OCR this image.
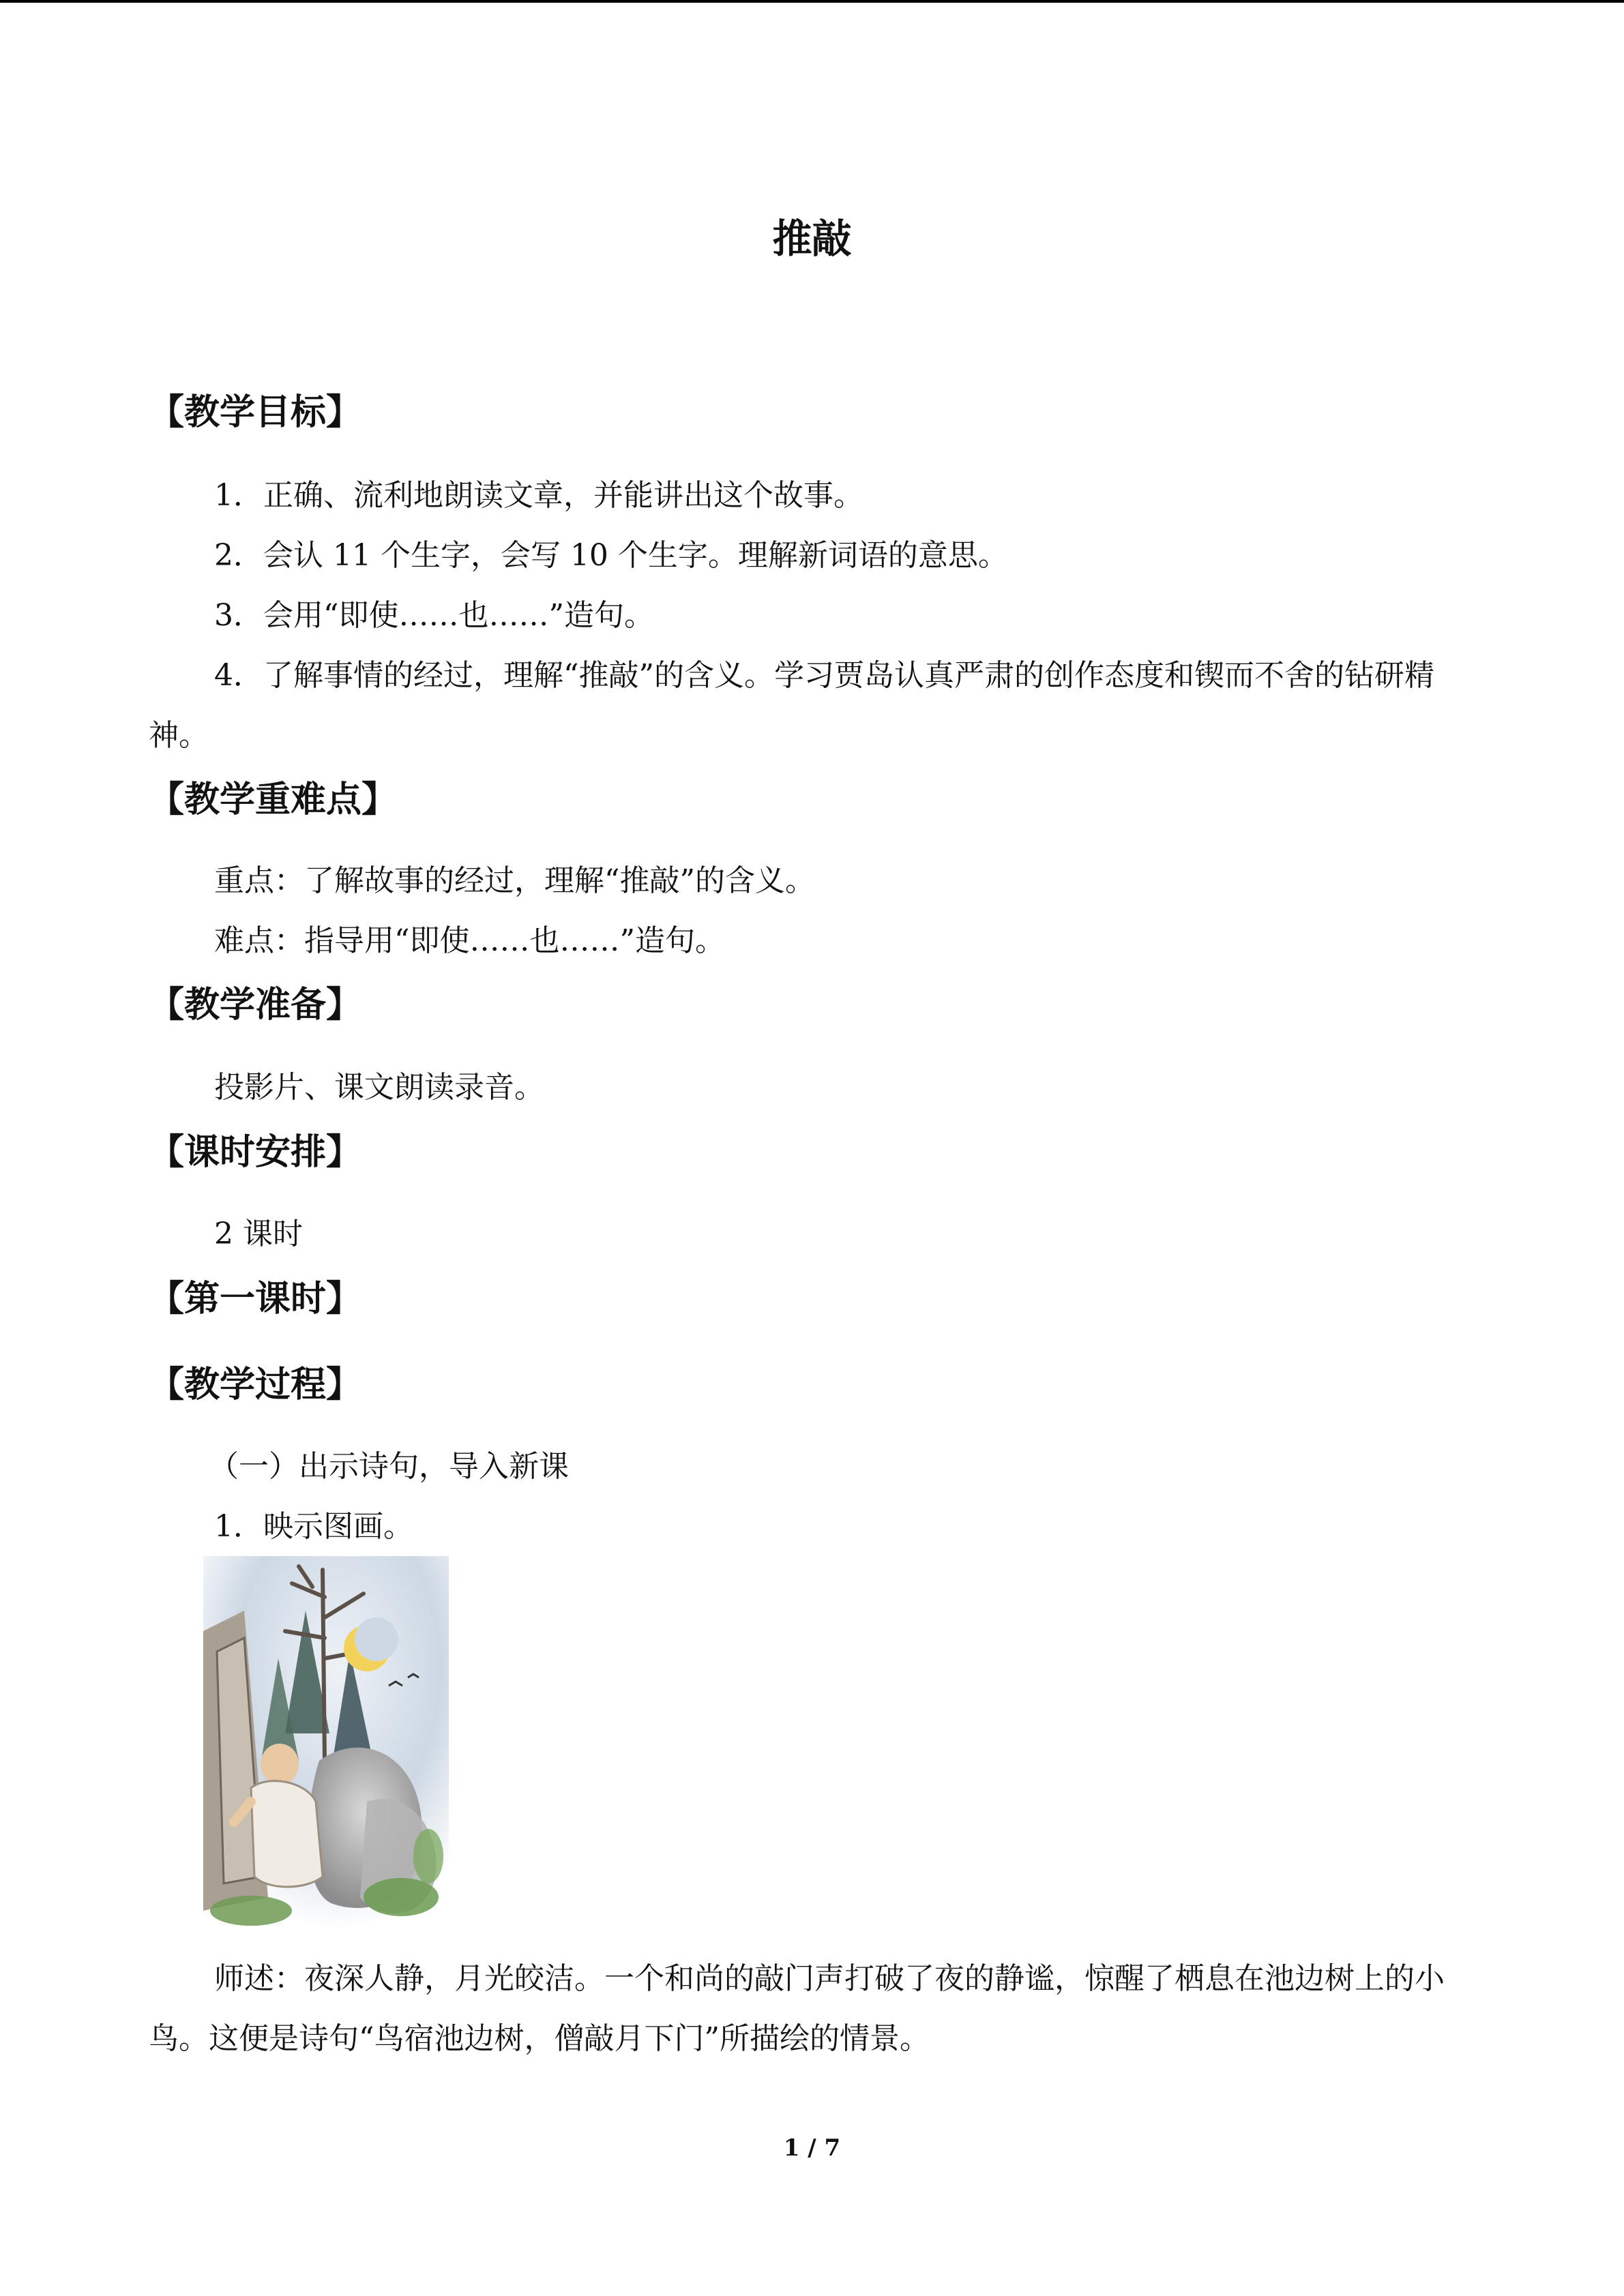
推敲
【教学目标】

1．正确、流利地朗读文章，并能讲出这个故事。

2．会认 11 个生字，会写 10 个生字。理解新词语的意思。

3．会用“即使……也……”造句。

4．了解事情的经过，理解“推敲”的含义。学习贾岛认真严肃的创作态度和锲而不舍的钻研精神。

【教学重难点】

重点：了解故事的经过，理解“推敲”的含义。

难点：指导用“即使……也……”造句。

【教学准备】

投影片、课文朗读录音。

【课时安排】

2 课时

【第一课时】
【教学过程】

（一）出示诗句，导入新课

1．映示图画。

师述：夜深人静，月光皎洁。一个和尚的敲门声打破了夜的静谧，惊醒了栖息在池边树上的小鸟。这便是诗句“鸟宿池边树，僧敲月下门”所描绘的情景。

1 / 7
